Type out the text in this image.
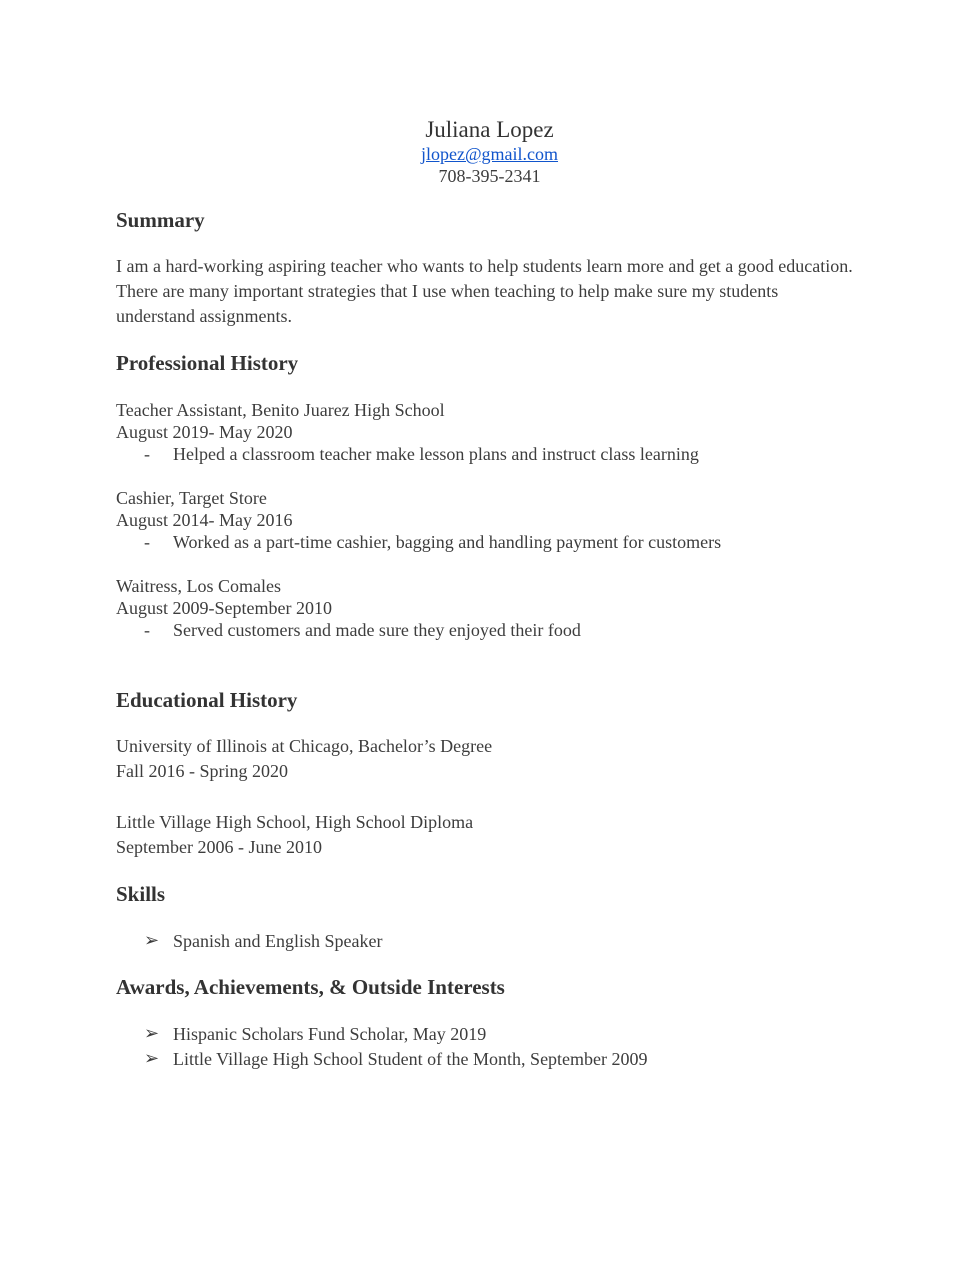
Juliana Lopez
jlopez@gmail.com
708-395-2341
Summary
I am a hard-working aspiring teacher who wants to help students learn more and get a good education. There are many important strategies that I use when teaching to help make sure my students understand assignments.
Professional History
Teacher Assistant, Benito Juarez High School
August 2019- May 2020
- Helped a classroom teacher make lesson plans and instruct class learning
Cashier, Target Store
August 2014- May 2016
- Worked as a part-time cashier, bagging and handling payment for customers
Waitress, Los Comales
August 2009-September 2010
- Served customers and made sure they enjoyed their food
Educational History
University of Illinois at Chicago, Bachelor’s Degree
Fall 2016 - Spring 2020
Little Village High School, High School Diploma
September 2006 - June 2010
Skills
➢ Spanish and English Speaker
Awards, Achievements, & Outside Interests
➢ Hispanic Scholars Fund Scholar, May 2019
➢ Little Village High School Student of the Month, September 2009
